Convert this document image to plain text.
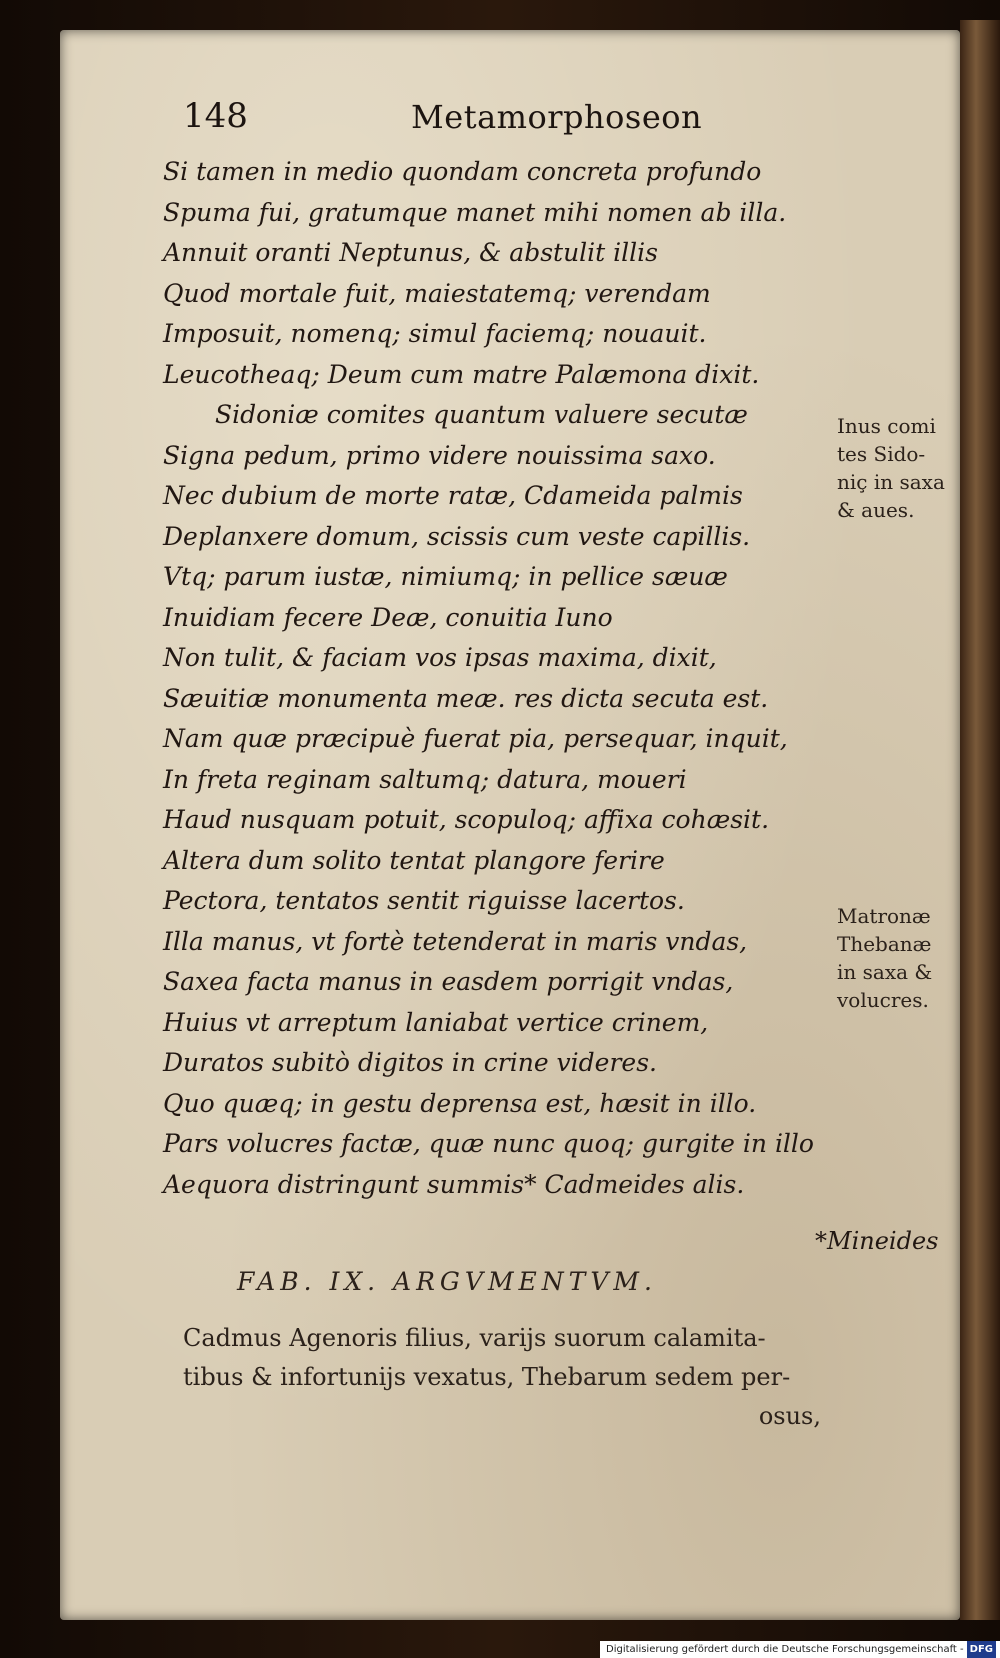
148	Metamorphoseon
Si tamen in medio quondam concreta profundo
Spuma fui, gratumque manet mihi nomen ab illa.
Annuit oranti Neptunus, & abstulit illis
Quod mortale fuit, maiestatemq; verendam
Imposuit, nomenq; simul faciemq; nouauit.
Leucotheaq; Deum cum matre Palæmona dixit.
Sidoniæ comites quantum valuere secutæ
Signa pedum, primo videre nouissima saxo.
Nec dubium de morte ratæ, Cdameida palmis
Deplanxere domum, scissis cum veste capillis.
Vtq; parum iustæ, nimiumq; in pellice sæuæ
Inuidiam fecere Deæ, conuitia Iuno
Non tulit, & faciam vos ipsas maxima, dixit,
Sæuitiæ monumenta meæ. res dicta secuta est.
Nam quæ præcipuè fuerat pia, persequar, inquit,
In freta reginam saltumq; datura, moueri
Haud nusquam potuit, scopuloq; affixa cohæsit.
Altera dum solito tentat plangore ferire
Pectora, tentatos sentit riguisse lacertos.
Illa manus, vt fortè tetenderat in maris vndas,
Saxea facta manus in easdem porrigit vndas,
Huius vt arreptum laniabat vertice crinem,
Duratos subitò digitos in crine videres.
Quo quæq; in gestu deprensa est, hæsit in illo.
Pars volucres factæ, quæ nunc quoq; gurgite in illo
Aequora distringunt summis* Cadmeides alis.
Inus comi
tes Sido-
niç in saxa
& aues.
Matronæ
Thebanæ
in saxa &
volucres.
*Mineides
FAB. IX. ARGVMENTVM.
Cadmus Agenoris filius, varijs suorum calamita-
tibus & infortunijs vexatus, Thebarum sedem per-
osus,
Digitalisierung gefördert durch die Deutsche Forschungsgemeinschaft - DFG
